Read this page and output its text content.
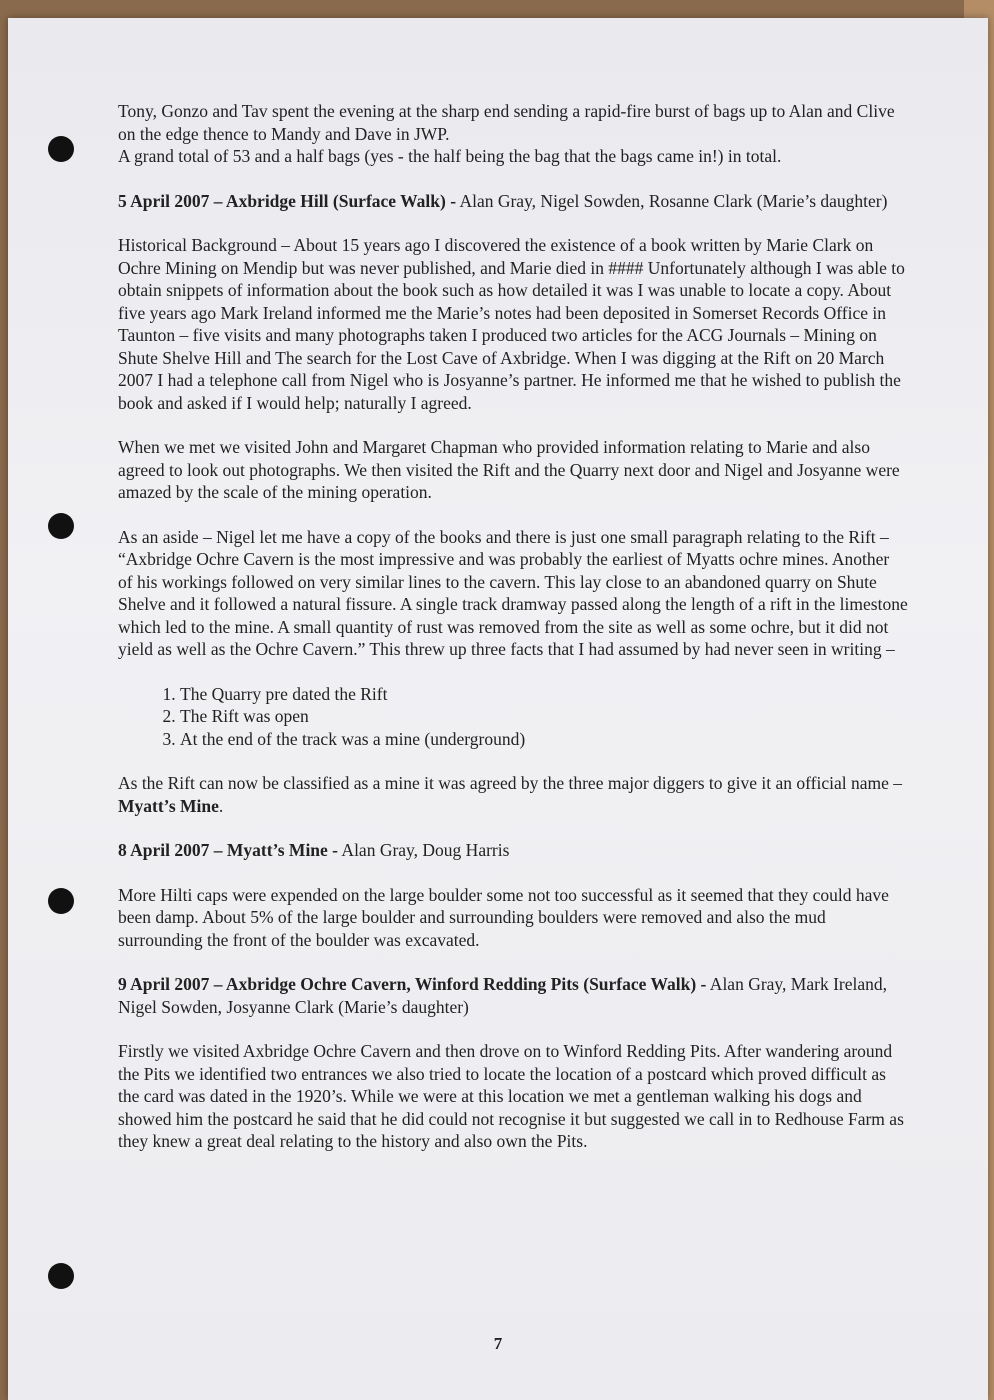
Tony, Gonzo and Tav spent the evening at the sharp end sending a rapid-fire burst of bags up to Alan and Clive on the edge thence to Mandy and Dave in JWP.
A grand total of 53 and a half bags (yes - the half being the bag that the bags came in!) in total.

5 April 2007 – Axbridge Hill (Surface Walk) - Alan Gray, Nigel Sowden, Rosanne Clark (Marie’s daughter)

Historical Background – About 15 years ago I discovered the existence of a book written by Marie Clark on Ochre Mining on Mendip but was never published, and Marie died in #### Unfortunately although I was able to obtain snippets of information about the book such as how detailed it was I was unable to locate a copy. About five years ago Mark Ireland informed me the Marie’s notes had been deposited in Somerset Records Office in Taunton – five visits and many photographs taken I produced two articles for the ACG Journals – Mining on Shute Shelve Hill and The search for the Lost Cave of Axbridge. When I was digging at the Rift on 20 March 2007 I had a telephone call from Nigel who is Josyanne’s partner. He informed me that he wished to publish the book and asked if I would help; naturally I agreed.

When we met we visited John and Margaret Chapman who provided information relating to Marie and also agreed to look out photographs. We then visited the Rift and the Quarry next door and Nigel and Josyanne were amazed by the scale of the mining operation.

As an aside – Nigel let me have a copy of the books and there is just one small paragraph relating to the Rift – “Axbridge Ochre Cavern is the most impressive and was probably the earliest of Myatts ochre mines. Another of his workings followed on very similar lines to the cavern. This lay close to an abandoned quarry on Shute Shelve and it followed a natural fissure. A single track dramway passed along the length of a rift in the limestone which led to the mine. A small quantity of rust was removed from the site as well as some ochre, but it did not yield as well as the Ochre Cavern.” This threw up three facts that I had assumed by had never seen in writing –

1. The Quarry pre dated the Rift
2. The Rift was open
3. At the end of the track was a mine (underground)

As the Rift can now be classified as a mine it was agreed by the three major diggers to give it an official name – Myatt’s Mine.

8 April 2007 – Myatt’s Mine - Alan Gray, Doug Harris

More Hilti caps were expended on the large boulder some not too successful as it seemed that they could have been damp. About 5% of the large boulder and surrounding boulders were removed and also the mud surrounding the front of the boulder was excavated.

9 April 2007 – Axbridge Ochre Cavern, Winford Redding Pits (Surface Walk) - Alan Gray, Mark Ireland, Nigel Sowden, Josyanne Clark (Marie’s daughter)

Firstly we visited Axbridge Ochre Cavern and then drove on to Winford Redding Pits. After wandering around the Pits we identified two entrances we also tried to locate the location of a postcard which proved difficult as the card was dated in the 1920’s. While we were at this location we met a gentleman walking his dogs and showed him the postcard he said that he did could not recognise it but suggested we call in to Redhouse Farm as they knew a great deal relating to the history and also own the Pits.

7
